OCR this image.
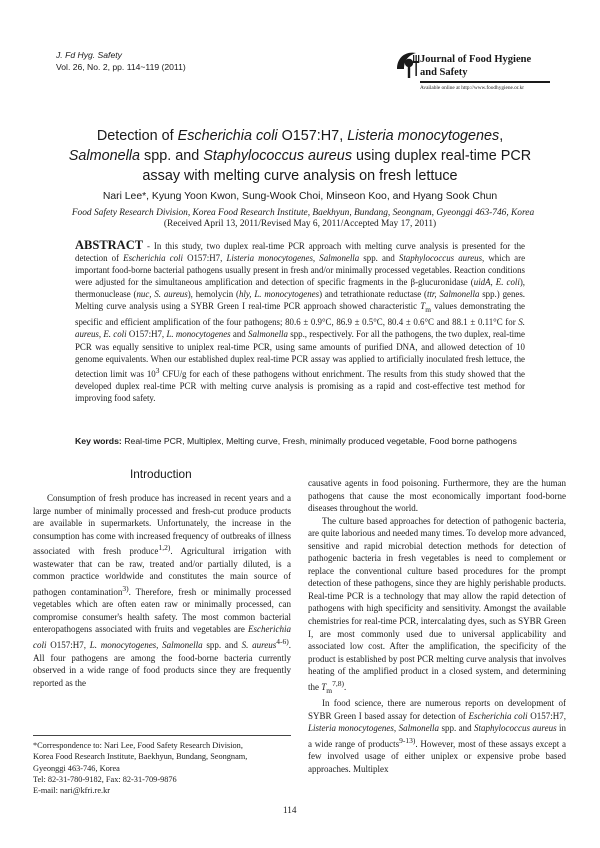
J. Fd Hyg. Safety
Vol. 26, No. 2, pp. 114~119 (2011)
Journal of Food Hygiene
and Safety
Available online at http://www.foodhygiene.or.kr
Detection of Escherichia coli O157:H7, Listeria monocytogenes,
Salmonella spp. and Staphylococcus aureus using duplex real-time PCR
assay with melting curve analysis on fresh lettuce

Nari Lee*, Kyung Yoon Kwon, Sung-Wook Choi, Minseon Koo, and Hyang Sook Chun

Food Safety Research Division, Korea Food Research Institute, Baekhyun, Bundang, Seongnam, Gyeonggi 463-746, Korea

(Received April 13, 2011/Revised May 6, 2011/Accepted May 17, 2011)

ABSTRACT - In this study, two duplex real-time PCR approach with melting curve analysis is presented for the detection of Escherichia coli O157:H7, Listeria monocytogenes, Salmonella spp. and Staphylococcus aureus, which are important food-borne bacterial pathogens usually present in fresh and/or minimally processed vegetables. Reaction conditions were adjusted for the simultaneous amplification and detection of specific fragments in the β-glucuronidase (uidA, E. coli), thermonuclease (nuc, S. aureus), hemolycin (hly, L. monocytogenes) and tetrathionate reductase (ttr, Salmonella spp.) genes. Melting curve analysis using a SYBR Green I real-time PCR approach showed characteristic $T_m$ values demonstrating the specific and efficient amplification of the four pathogens; 80.6 ± 0.9°C, 86.9 ± 0.5°C, 80.4 ± 0.6°C and 88.1 ± 0.11°C for S. aureus, E. coli O157:H7, L. monocytogenes and Salmonella spp., respectively. For all the pathogens, the two duplex, real-time PCR was equally sensitive to uniplex real-time PCR, using same amounts of purified DNA, and allowed detection of 10 genome equivalents. When our established duplex real-time PCR assay was applied to artificially inoculated fresh lettuce, the detection limit was $10^3$ CFU/g for each of these pathogens without enrichment. The results from this study showed that the developed duplex real-time PCR with melting curve analysis is promising as a rapid and cost-effective test method for improving food safety.

Key words: Real-time PCR, Multiplex, Melting curve, Fresh, minimally produced vegetable, Food borne pathogens

Introduction

Consumption of fresh produce has increased in recent years and a large number of minimally processed and fresh-cut produce products are available in supermarkets. Unfortunately, the increase in the consumption has come with increased frequency of outbreaks of illness associated with fresh produce$^{1,2)}$. Agricultural irrigation with wastewater that can be raw, treated and/or partially diluted, is a common practice worldwide and constitutes the main source of pathogen contamination$^{3)}$. Therefore, fresh or minimally processed vegetables which are often eaten raw or minimally processed, can compromise consumer's health safety. The most common bacterial enteropathogens associated with fruits and vegetables are Escherichia coli O157:H7, L. monocytogenes, Salmonella spp. and S. aureus$^{4-6)}$. All four pathogens are among the food-borne bacteria currently observed in a wide range of food products since they are frequently reported as the

causative agents in food poisoning. Furthermore, they are the human pathogens that cause the most economically important food-borne diseases throughout the world.

The culture based approaches for detection of pathogenic bacteria, are quite laborious and needed many times. To develop more advanced, sensitive and rapid microbial detection methods for detection of pathogenic bacteria in fresh vegetables is need to complement or replace the conventional culture based procedures for the prompt detection of these pathogens, since they are highly perishable products. Real-time PCR is a technology that may allow the rapid detection of pathogens with high specificity and sensitivity. Amongst the available chemistries for real-time PCR, intercalating dyes, such as SYBR Green I, are most commonly used due to universal applicability and associated low cost. After the amplification, the specificity of the product is established by post PCR melting curve analysis that involves heating of the amplified product in a closed system, and determining the $T_m^{7,8)}$.

In food science, there are numerous reports on development of SYBR Green I based assay for detection of Escherichia coli O157:H7, Listeria monocytogenes, Salmonella spp. and Staphylococcus aureus in a wide range of products$^{9-13)}$. However, most of these assays except a few involved usage of either uniplex or expensive probe based approaches. Multiplex

*Correspondence to: Nari Lee, Food Safety Research Division,
Korea Food Research Institute, Baekhyun, Bundang, Seongnam,
Gyeonggi 463-746, Korea
Tel: 82-31-780-9182, Fax: 82-31-709-9876
E-mail: nari@kfri.re.kr

114
